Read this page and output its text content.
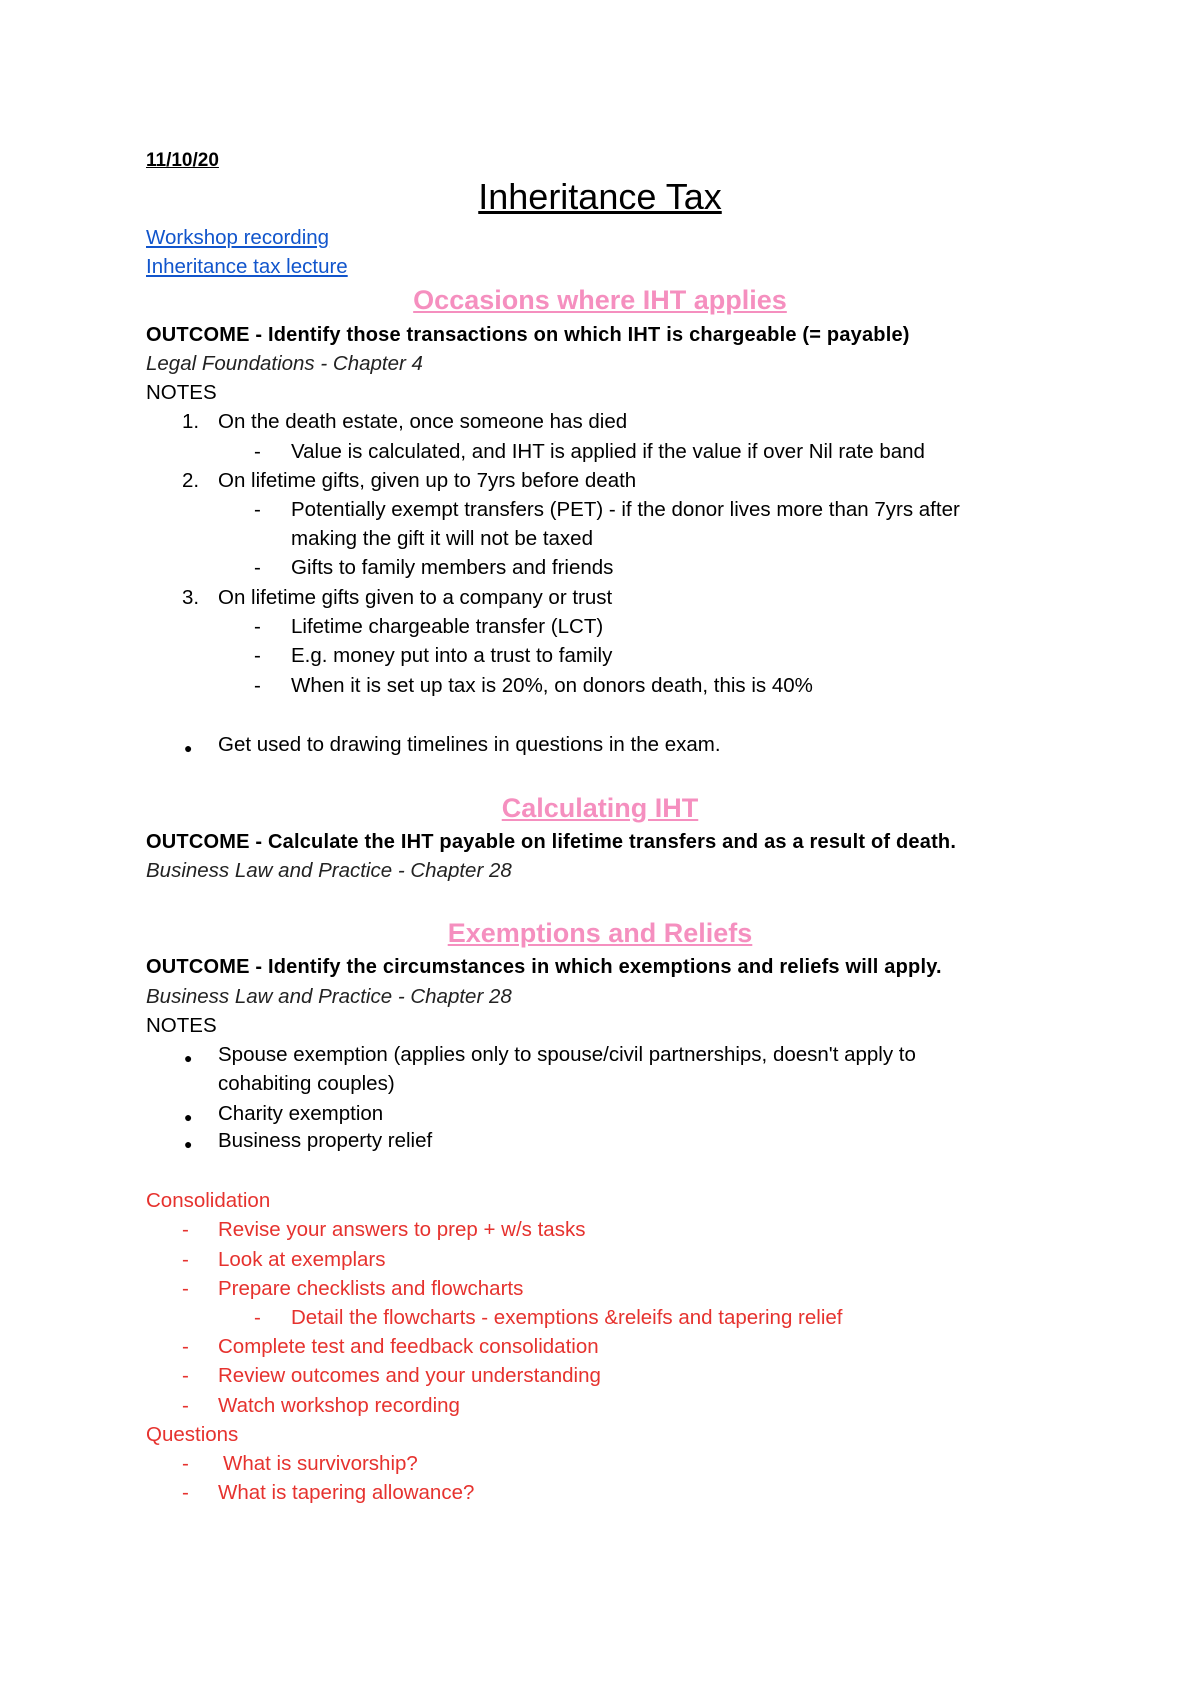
11/10/20
Inheritance Tax
Workshop recording
Inheritance tax lecture
Occasions where IHT applies
OUTCOME - Identify those transactions on which IHT is chargeable (= payable)
Legal Foundations - Chapter 4
NOTES
1. On the death estate, once someone has died
- Value is calculated, and IHT is applied if the value if over Nil rate band
2. On lifetime gifts, given up to 7yrs before death
- Potentially exempt transfers (PET) - if the donor lives more than 7yrs after
making the gift it will not be taxed
- Gifts to family members and friends
3. On lifetime gifts given to a company or trust
- Lifetime chargeable transfer (LCT)
- E.g. money put into a trust to family
- When it is set up tax is 20%, on donors death, this is 40%
● Get used to drawing timelines in questions in the exam.
Calculating IHT
OUTCOME - Calculate the IHT payable on lifetime transfers and as a result of death.
Business Law and Practice - Chapter 28
Exemptions and Reliefs
OUTCOME - Identify the circumstances in which exemptions and reliefs will apply.
Business Law and Practice - Chapter 28
NOTES
● Spouse exemption (applies only to spouse/civil partnerships, doesn't apply to
cohabiting couples)
● Charity exemption
● Business property relief
Consolidation
- Revise your answers to prep + w/s tasks
- Look at exemplars
- Prepare checklists and flowcharts
- Detail the flowcharts - exemptions &releifs and tapering relief
- Complete test and feedback consolidation
- Review outcomes and your understanding
- Watch workshop recording
Questions
- What is survivorship?
- What is tapering allowance?
